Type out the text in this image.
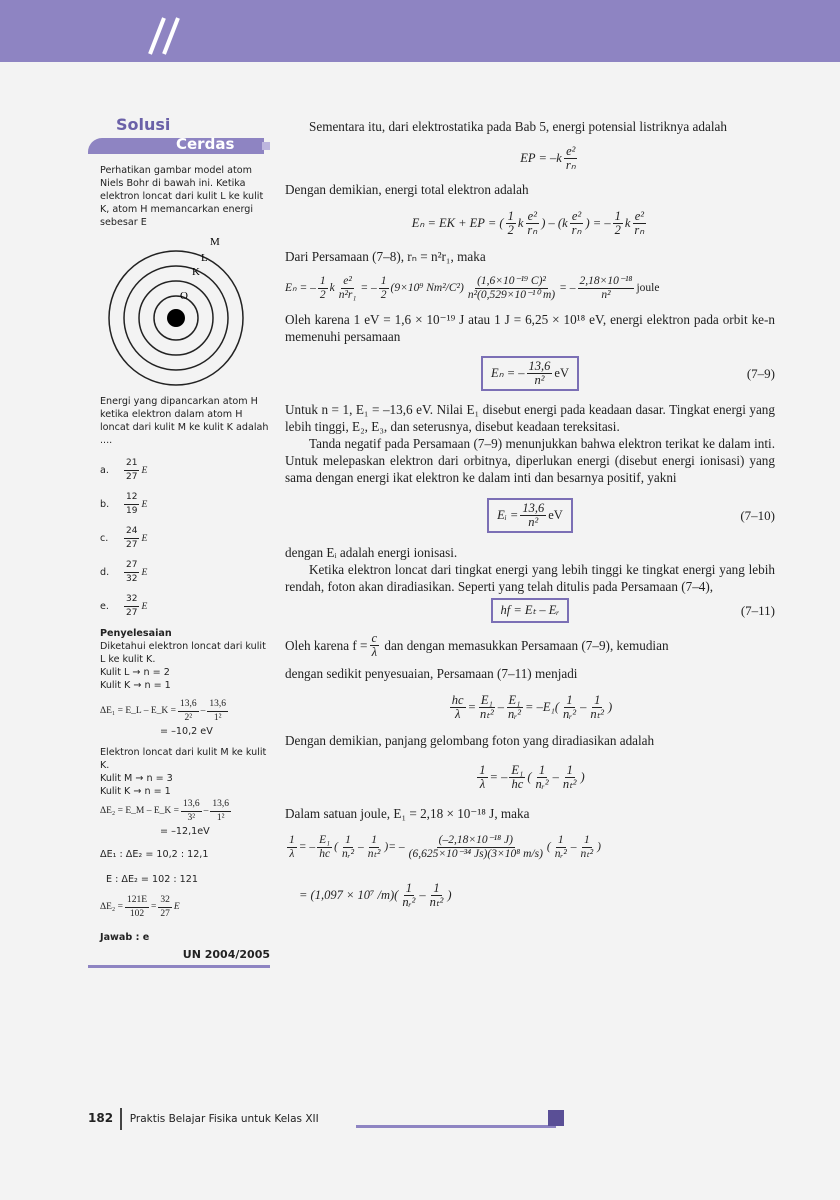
Solusi
Cerdas

Perhatikan gambar model atom Niels Bohr di bawah ini. Ketika elektron loncat dari kulit L ke kulit K, atom H memancarkan energi sebesar E

M
L
K
O

Energi yang dipancarkan atom H ketika elektron dalam atom H loncat dari kulit M ke kulit K adalah ....

a.	$\frac{21}{27}$ E
b.	$\frac{12}{19}$ E
c.	$\frac{24}{27}$ E
d.	$\frac{27}{32}$ E
e.	$\frac{32}{27}$ E

Penyelesaian

Diketahui elektron loncat dari kulit L ke kulit K.

Kulit L → n = 2

Kulit K → n = 1

ΔE₁ = E_L – E_K = $\frac{13,6}{\text{2²}} - \frac{13,6}{\text{1²}}$

= –10,2 eV

Elektron loncat dari kulit M ke kulit K.

Kulit M → n = 3

Kulit K → n = 1

ΔE₂ = E_M – E_K = $\frac{13,6}{\text{3²}} - \frac{13,6}{\text{1²}}$

= –12,1eV

ΔE₁ : ΔE₂ = 10,2 : 12,1

E : ΔE₂ = 102 : 121

$\Delta E_2 = \frac{121E}{102} = \frac{32}{27}$ E

Jawab : e

UN 2004/2005

Sementara itu, dari elektrostatika pada Bab 5, energi potensial listriknya adalah

EP = $-k \frac{\text{e²}}{\text{rₙ}}$

Dengan demikian, energi total elektron adalah

Eₙ = EK + EP = ( $\frac{1}{2}$ k $\frac{\text{e²}}{\text{rₙ}}$ ) – ($k \frac{\text{e²}}{\text{rₙ}}$ ) = – $\frac{1}{2}$ k $\frac{\text{e²}}{\text{rₙ}}$

Dari Persamaan (7–8), rₙ = n²r₁, maka

Eₙ = – $\frac{1}{2}$ k $\frac{\text{e²}}{\text{n²r₁}}$ = – $\frac{1}{2} (9\times 10^9$ $Nm^2/C^2) \frac{\text{(1,6×10⁻¹⁹ C)²}}{\text{n²(0,529×10⁻¹⁰ m)}}$ = – $\frac{\text{2,18×10⁻¹⁸}}{\text{n²}}$ joule

Oleh karena 1 eV = 1,6 × 10⁻¹⁹ J atau 1 J = 6,25 × 10¹⁸ eV, energi elektron pada orbit ke-n memenuhi persamaan

Eₙ = – $\frac{13,6}{\text{n²}}$ eV	(7–9)

Untuk n = 1, E₁ = –13,6 eV. Nilai E₁ disebut energi pada keadaan dasar. Tingkat energi yang lebih tinggi, E₂, E₃, dan seterusnya, disebut keadaan tereksitasi.

Tanda negatif pada Persamaan (7–9) menunjukkan bahwa elektron terikat ke dalam inti. Untuk melepaskan elektron dari orbitnya, diperlukan energi (disebut energi ionisasi) yang sama dengan energi ikat elektron ke dalam inti dan besarnya positif, yakni

Eᵢ = $\frac{13,6}{\text{n²}}$ eV	(7–10)

dengan Eᵢ adalah energi ionisasi.

Ketika elektron loncat dari tingkat energi yang lebih tinggi ke tingkat energi yang lebih rendah, foton akan diradiasikan. Seperti yang telah ditulis pada Persamaan (7–4),

hf = Eₜ – Eᵣ	(7–11)
Oleh karena $f = \frac{c}{\lambda}$
dan dengan memasukkan Persamaan (7–9), kemudian

dengan sedikit penyesuaian, Persamaan (7–11) menjadi

$\frac{hc}{\lambda} = \frac{\text{E₁}}{\text{nₜ²}} - \frac{\text{E₁}}{\text{nᵣ²}} = -E_1$ ( $\frac{1}{\text{nᵣ²}} - \frac{1}{\text{nₜ²}}$ )

Dengan demikian, panjang gelombang foton yang diradiasikan adalah

$\frac{1}{\lambda}$ = – $\frac{\text{E₁}}{hc}$ ( $\frac{1}{\text{nᵣ²}} - \frac{1}{\text{nₜ²}}$ )

Dalam satuan joule, E₁ = 2,18 × 10⁻¹⁸ J, maka

$\frac{1}{\lambda}$ = – $\frac{\text{E₁}}{hc}$ ( $\frac{1}{\text{nᵣ²}} - \frac{1}{\text{nₜ²}}$ ) = – $\frac{\text{(–2,18×10⁻¹⁸ J)}}{\text{(6,625×10⁻³⁴ Js)(3×10⁸ m/s)}}$ ( $\frac{1}{\text{nᵣ²}} - \frac{1}{\text{nₜ²}}$ )
= (1,097 × 10⁷ /m) ( $\frac{1}{\text{nᵣ²}} - \frac{1}{\text{nₜ²}}$ )
182 Praktis Belajar Fisika untuk Kelas XII
